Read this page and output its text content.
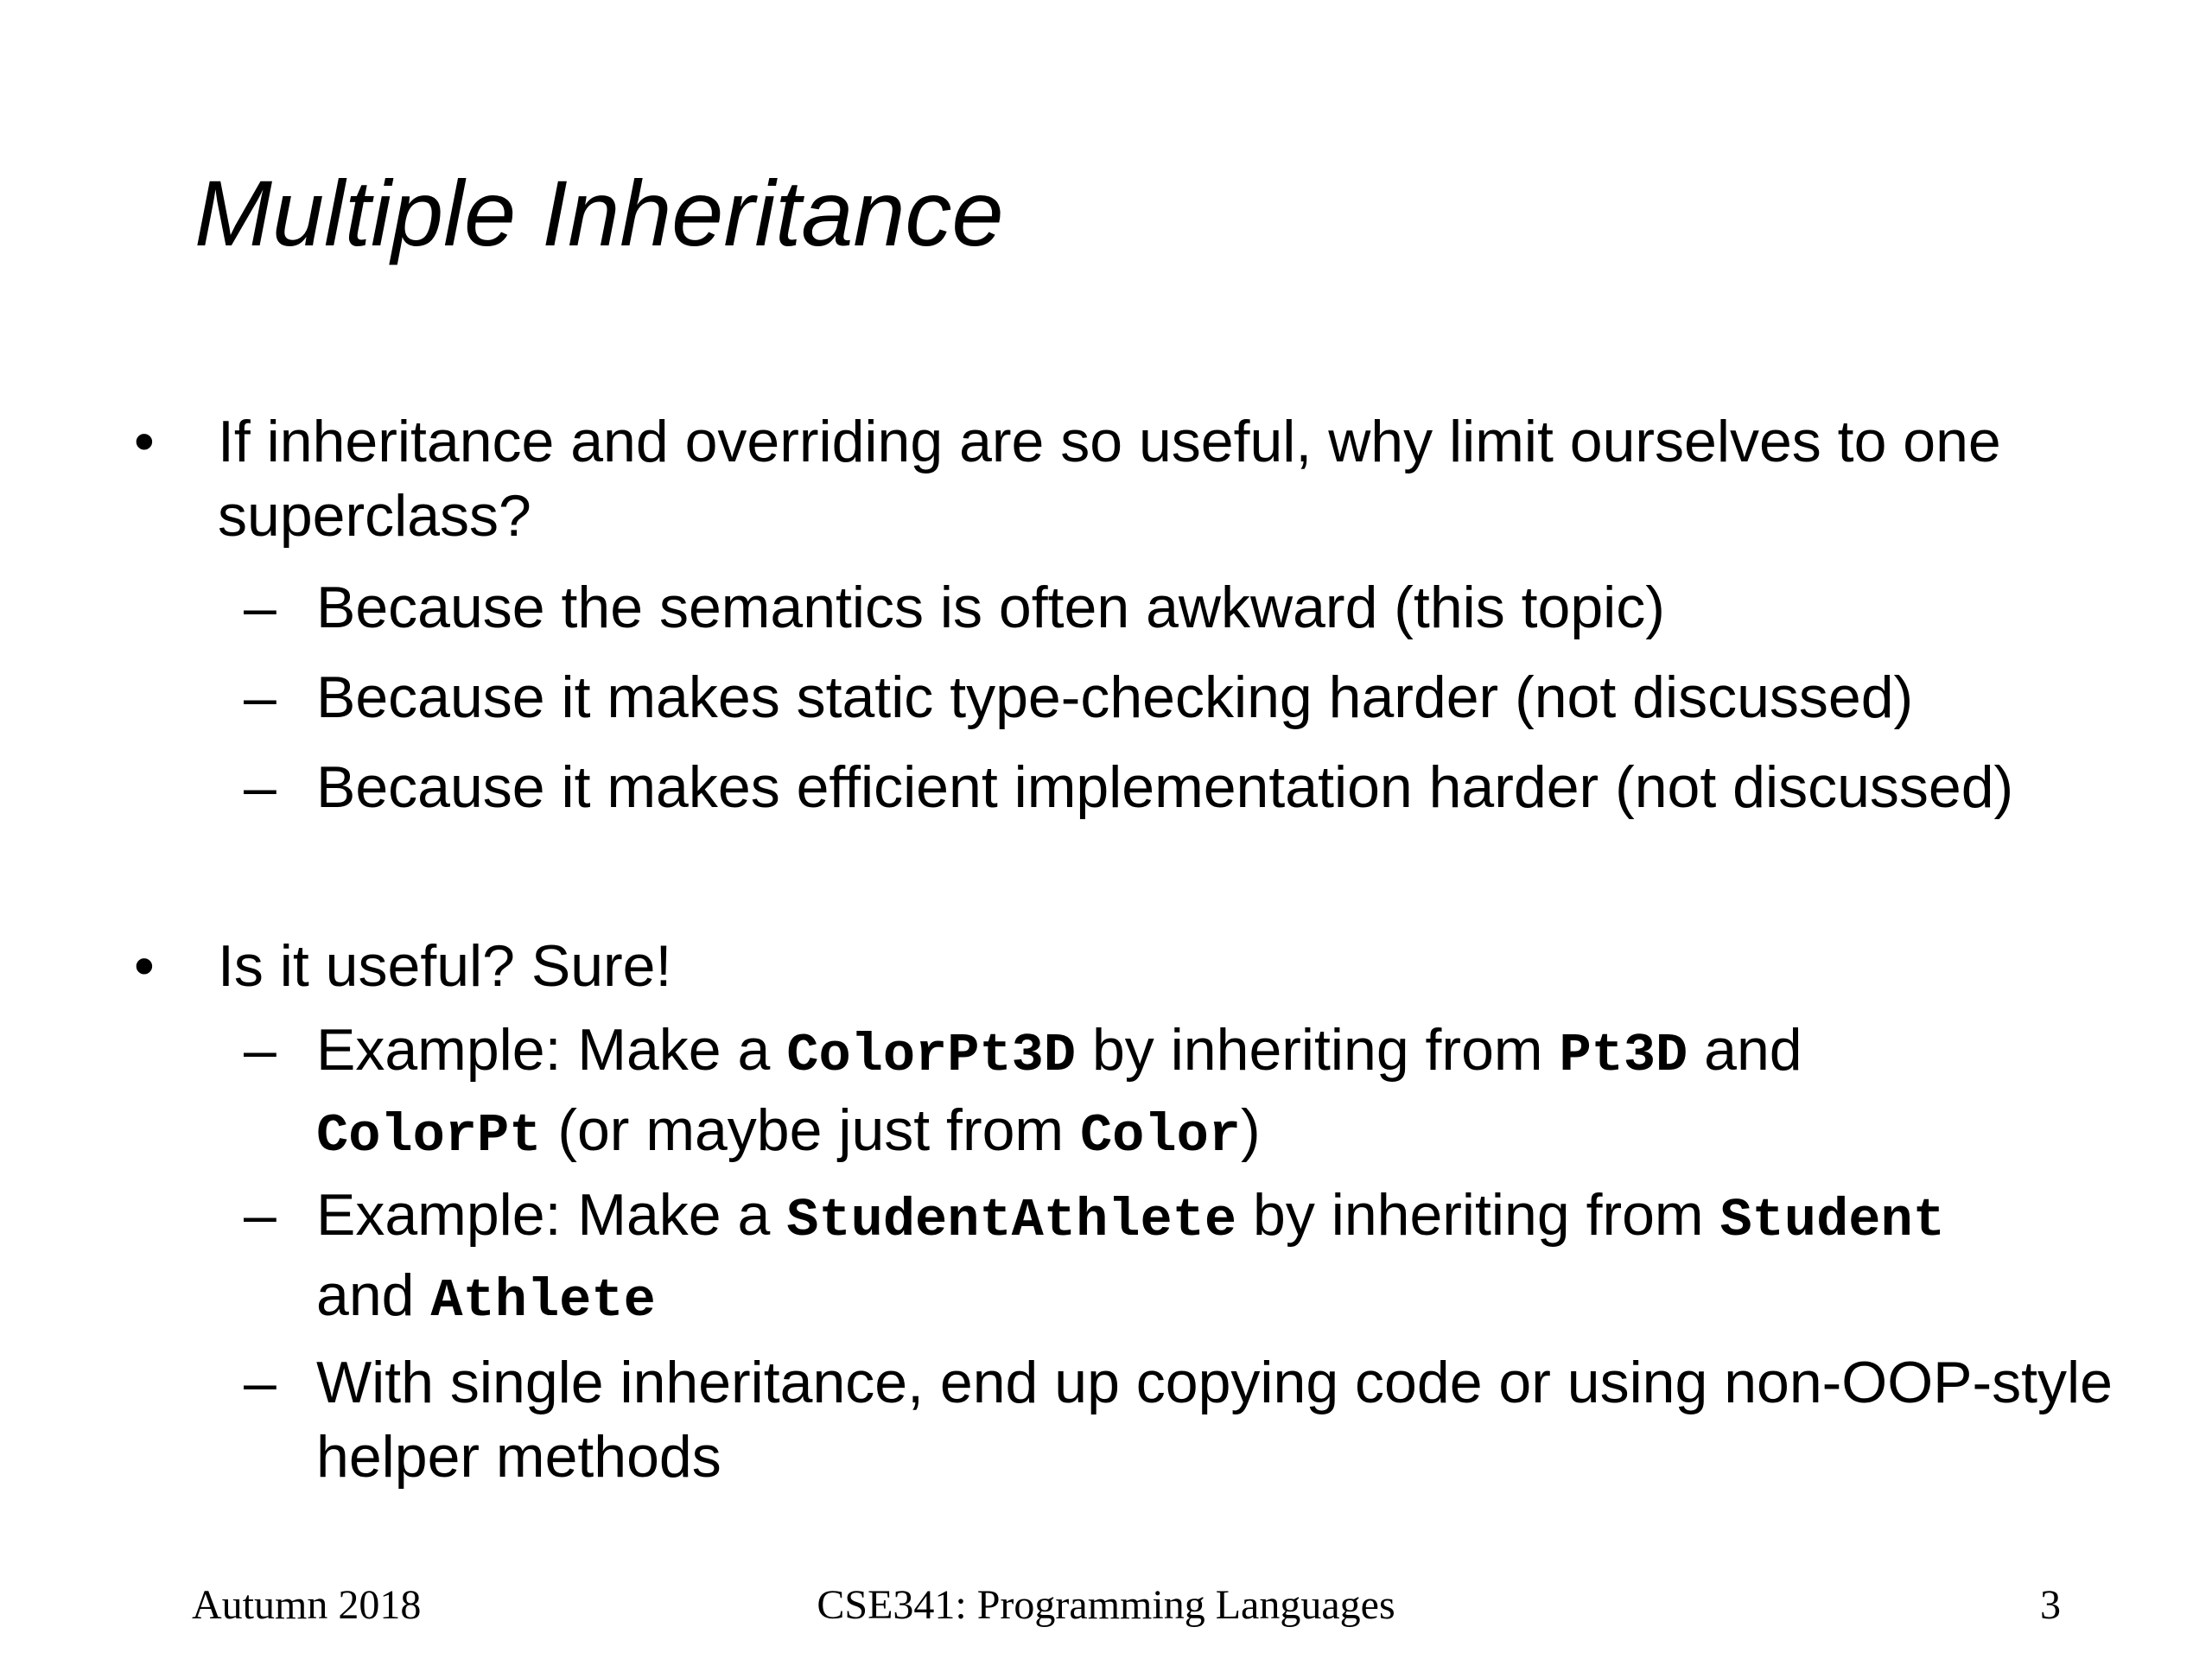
Multiple Inheritance
• If inheritance and overriding are so useful, why limit ourselves to one superclass?
– Because the semantics is often awkward (this topic)
– Because it makes static type-checking harder (not discussed)
– Because it makes efficient implementation harder (not discussed)
• Is it useful? Sure!
– Example: Make a ColorPt3D by inheriting from Pt3D and
ColorPt (or maybe just from Color)
– Example: Make a StudentAthlete by inheriting from Student
and Athlete
– With single inheritance, end up copying code or using non-OOP-style helper methods
Autumn 2018	CSE341: Programming Languages	3
